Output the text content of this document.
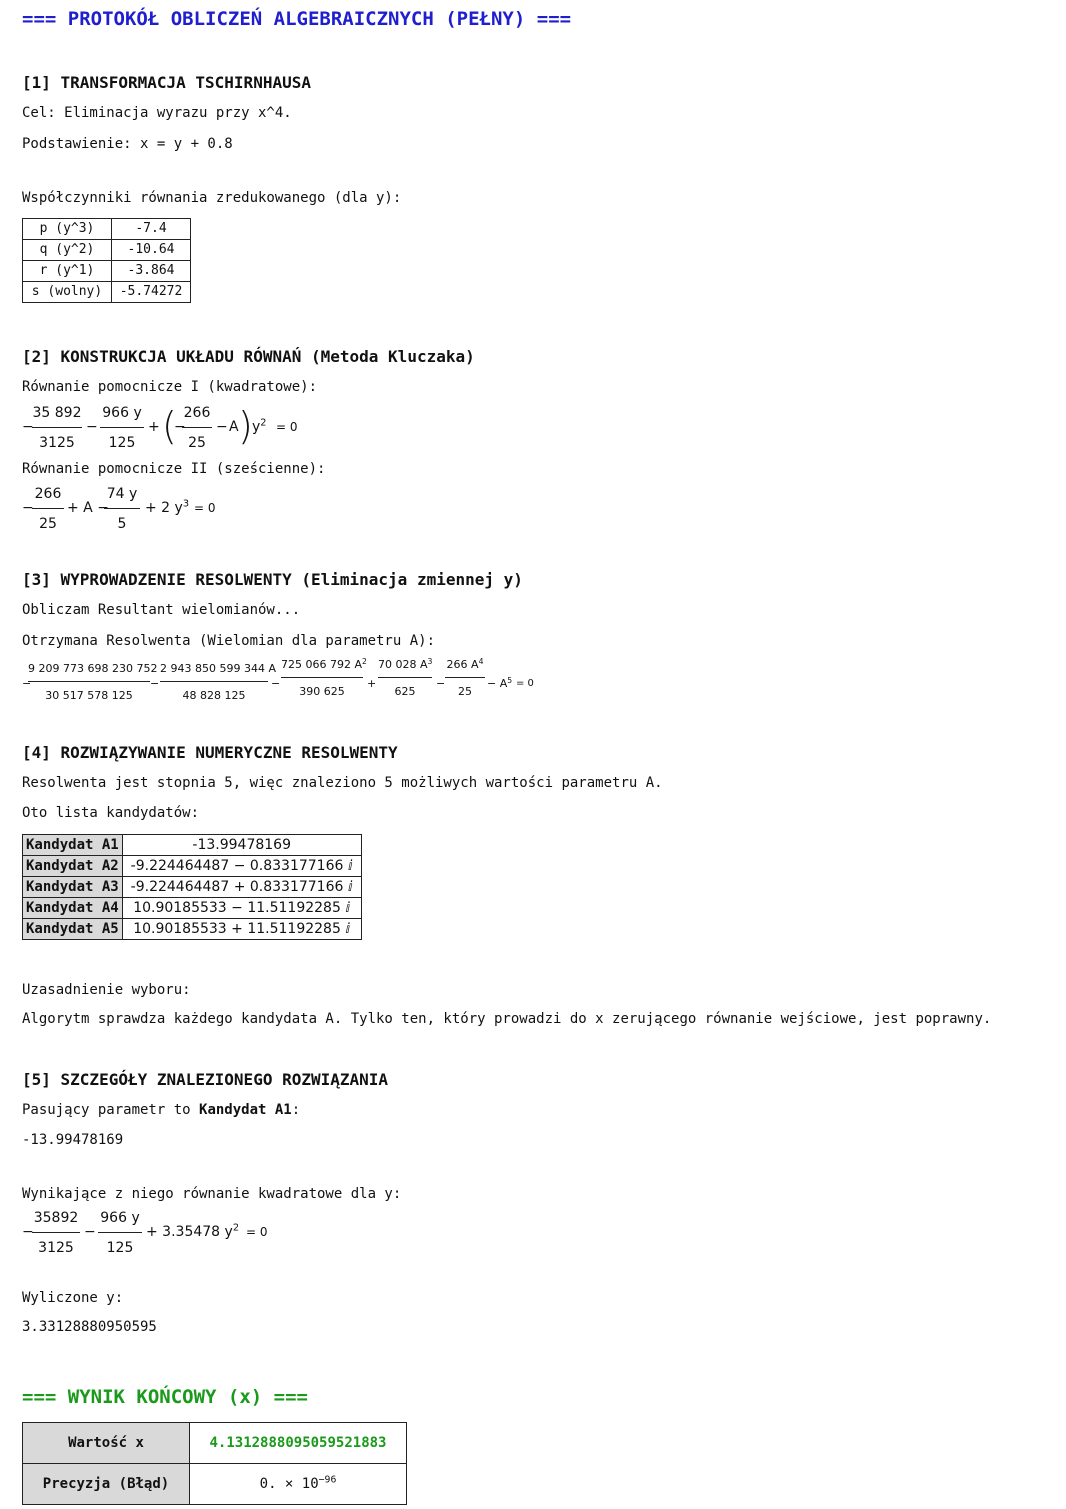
=== PROTOKÓŁ OBLICZEŃ ALGEBRAICZNYCH (PEŁNY) ===
[1] TRANSFORMACJA TSCHIRNHAUSA
Cel: Eliminacja wyrazu przy x^4.
Podstawienie: x = y + 0.8
Współczynniki równania zredukowanego (dla y):
p (y^3)	-7.4
q (y^2)	-10.64
r (y^1)	-3.864
s (wolny)	-5.74272
[2] KONSTRUKCJA UKŁADU RÓWNAŃ (Metoda Kluczaka)
Równanie pomocnicze I (kwadratowe):
−
35 892
3125
−
966 y
125
+ (
−
266
25
− A ) $y^2 = 0$
Równanie pomocnicze II (sześcienne):
−
266
25
+ A −
74 y
5
+ 2 $y^3 = 0$
[3] WYPROWADZENIE RESOLWENTY (Eliminacja zmiennej y)
Obliczam Resultant wielomianów...
Otrzymana Resolwenta (Wielomian dla parametru A):
−
9 209 773 698 230 752
30 517 578 125
−
2 943 850 599 344 A
48 828 125
−
725 066 792 $A^2$
390 625
+
70 028 $A^3$
625
−
266 $A^4$
25
− $A^5 = 0$
[4] ROZWIĄZYWANIE NUMERYCZNE RESOLWENTY
Resolwenta jest stopnia 5, więc znaleziono 5 możliwych wartości parametru A.
Oto lista kandydatów:
Kandydat A1	-13.99478169
Kandydat A2	-9.224464487 − 0.833177166 ⅈ
Kandydat A3	-9.224464487 + 0.833177166 ⅈ
Kandydat A4	10.90185533 − 11.51192285 ⅈ
Kandydat A5	10.90185533 + 11.51192285 ⅈ
Uzasadnienie wyboru:
Algorytm sprawdza każdego kandydata A. Tylko ten, który prowadzi do x zerującego równanie wejściowe, jest poprawny.
[5] SZCZEGÓŁY ZNALEZIONEGO ROZWIĄZANIA
Pasujący parametr to Kandydat A1:
-13.99478169
Wynikające z niego równanie kwadratowe dla y:
−
35892
3125
−
966 y
125
+ 3.35478 $y^2 = 0$
Wyliczone y:
3.33128880950595
=== WYNIK KOŃCOWY (x) ===
Wartość x	4.1312888095059521883
Precyzja (Błąd)	0. × $10^{-96}$
